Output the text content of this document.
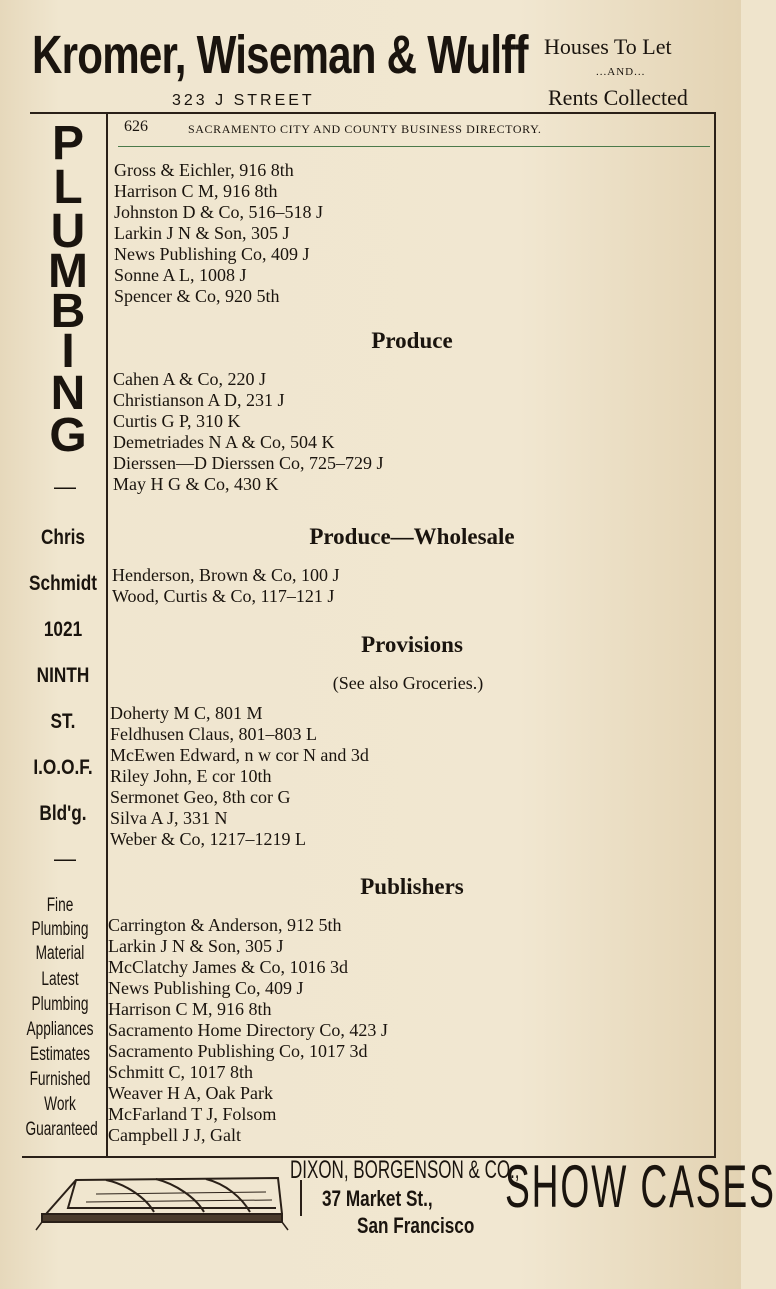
Kromer, Wiseman & Wulff
323 J STREET
Houses To Let
...AND...
Rents Collected
626	SACRAMENTO CITY AND COUNTY BUSINESS DIRECTORY.
P
L
U
M
B
I
N
G
—
Chris
Schmidt
1021
NINTH
ST.
I.O.O.F.
Bld'g.
—
Fine
Plumbing
Material
Latest
Plumbing
Appliances
Estimates
Furnished
Work
Guaranteed
Gross & Eichler, 916 8th
Harrison C M, 916 8th
Johnston D & Co, 516–518 J
Larkin J N & Son, 305 J
News Publishing Co, 409 J
Sonne A L, 1008 J
Spencer & Co, 920 5th
Produce
Cahen A & Co, 220 J
Christianson A D, 231 J
Curtis G P, 310 K
Demetriades N A & Co, 504 K
Dierssen—D Dierssen Co, 725–729 J
May H G & Co, 430 K
Produce—Wholesale
Henderson, Brown & Co, 100 J
Wood, Curtis & Co, 117–121 J
Provisions
(See also Groceries.)
Doherty M C, 801 M
Feldhusen Claus, 801–803 L
McEwen Edward, n w cor N and 3d
Riley John, E cor 10th
Sermonet Geo, 8th cor G
Silva A J, 331 N
Weber & Co, 1217–1219 L
Publishers
Carrington & Anderson, 912 5th
Larkin J N & Son, 305 J
McClatchy James & Co, 1016 3d
News Publishing Co, 409 J
Harrison C M, 916 8th
Sacramento Home Directory Co, 423 J
Sacramento Publishing Co, 1017 3d
Schmitt C, 1017 8th
Weaver H A, Oak Park
McFarland T J, Folsom
Campbell J J, Galt
DIXON, BORGENSON & CO.,
37 Market St.,
San Francisco
SHOW CASES
